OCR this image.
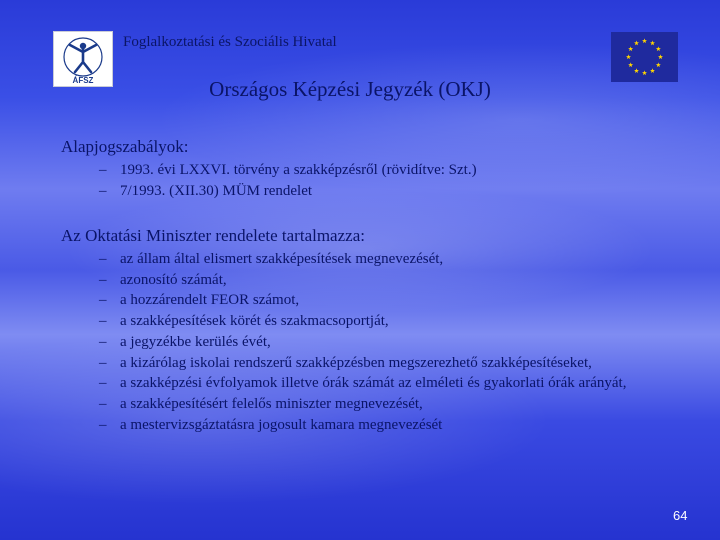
ÁFSZ
Foglalkoztatási és Szociális Hivatal
Országos Képzési Jegyzék (OKJ)
Alapjogszabályok:
– 1993. évi LXXVI. törvény a szakképzésről (rövidítve: Szt.)
– 7/1993. (XII.30) MÜM rendelet
Az Oktatási Miniszter rendelete tartalmazza:
– az állam által elismert szakképesítések megnevezését,
– azonosító számát,
– a hozzárendelt FEOR számot,
– a szakképesítések körét és szakmacsoportját,
– a jegyzékbe kerülés évét,
– a kizárólag iskolai rendszerű szakképzésben megszerezhető szakképesítéseket,
– a szakképzési évfolyamok illetve órák számát az elméleti és gyakorlati órák arányát,
– a szakképesítésért felelős miniszter megnevezését,
– a mestervizsgáztatásra jogosult kamara megnevezését
64
